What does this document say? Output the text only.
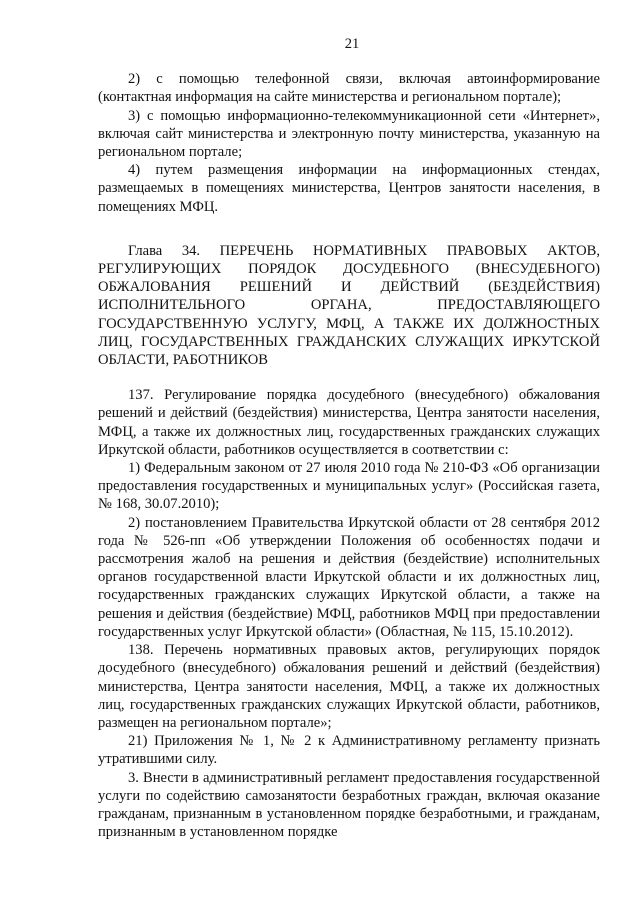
21

2) с помощью телефонной связи, включая автоинформирование (контактная информация на сайте министерства и региональном портале);

3) с помощью информационно-телекоммуникационной сети «Интернет», включая сайт министерства и электронную почту министерства, указанную на региональном портале;

4) путем размещения информации на информационных стендах, размещаемых в помещениях министерства, Центров занятости населения, в помещениях МФЦ.

Глава 34. ПЕРЕЧЕНЬ НОРМАТИВНЫХ ПРАВОВЫХ АКТОВ, РЕГУЛИРУЮЩИХ ПОРЯДОК ДОСУДЕБНОГО (ВНЕСУДЕБНОГО) ОБЖАЛОВАНИЯ РЕШЕНИЙ И ДЕЙСТВИЙ (БЕЗДЕЙСТВИЯ) ИСПОЛНИТЕЛЬНОГО ОРГАНА, ПРЕДОСТАВЛЯЮЩЕГО ГОСУДАРСТВЕННУЮ УСЛУГУ, МФЦ, А ТАКЖЕ ИХ ДОЛЖНОСТНЫХ ЛИЦ, ГОСУДАРСТВЕННЫХ ГРАЖДАНСКИХ СЛУЖАЩИХ ИРКУТСКОЙ ОБЛАСТИ, РАБОТНИКОВ

137. Регулирование порядка досудебного (внесудебного) обжалования решений и действий (бездействия) министерства, Центра занятости населения, МФЦ, а также их должностных лиц, государственных гражданских служащих Иркутской области, работников осуществляется в соответствии с:

1) Федеральным законом от 27 июля 2010 года № 210-ФЗ «Об организации предоставления государственных и муниципальных услуг» (Российская газета, № 168, 30.07.2010);

2) постановлением Правительства Иркутской области от 28 сентября 2012 года № 526-пп «Об утверждении Положения об особенностях подачи и рассмотрения жалоб на решения и действия (бездействие) исполнительных органов государственной власти Иркутской области и их должностных лиц, государственных гражданских служащих Иркутской области, а также на решения и действия (бездействие) МФЦ, работников МФЦ при предоставлении государственных услуг Иркутской области» (Областная, № 115, 15.10.2012).

138. Перечень нормативных правовых актов, регулирующих порядок досудебного (внесудебного) обжалования решений и действий (бездействия) министерства, Центра занятости населения, МФЦ, а также их должностных лиц, государственных гражданских служащих Иркутской области, работников, размещен на региональном портале»;

21) Приложения № 1, № 2 к Административному регламенту признать утратившими силу.

3. Внести в административный регламент предоставления государственной услуги по содействию самозанятости безработных граждан, включая оказание гражданам, признанным в установленном порядке безработными, и гражданам, признанным в установленном порядке
